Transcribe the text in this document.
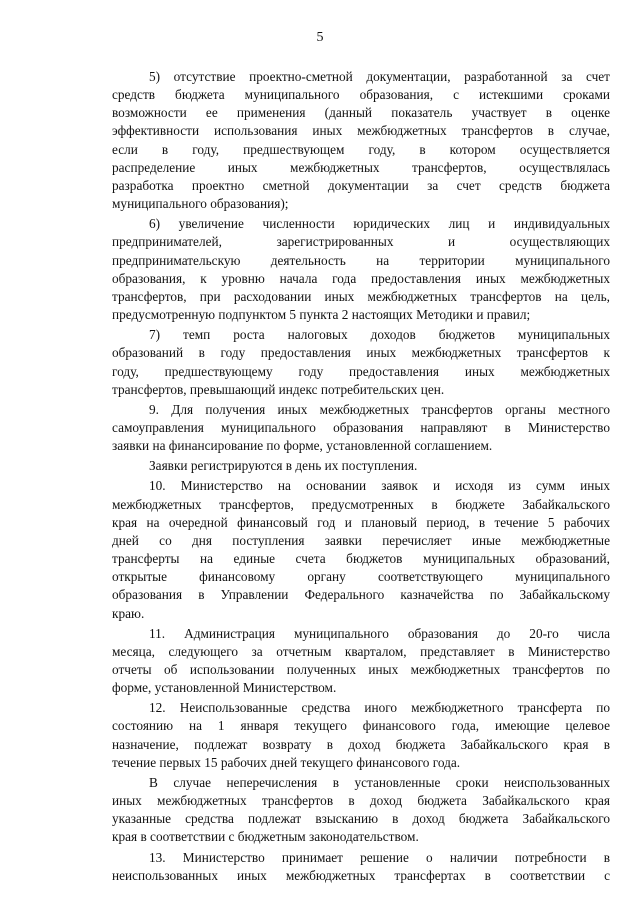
5
5) отсутствие проектно-сметной документации, разработанной за счет
средств бюджета муниципального образования, с истекшими сроками
возможности ее применения (данный показатель участвует в оценке
эффективности использования иных межбюджетных трансфертов в случае,
если в году, предшествующем году, в котором осуществляется
распределение иных межбюджетных трансфертов, осуществлялась
разработка проектно сметной документации за счет средств бюджета
муниципального образования);
6) увеличение численности юридических лиц и индивидуальных
предпринимателей, зарегистрированных и осуществляющих
предпринимательскую деятельность на территории муниципального
образования, к уровню начала года предоставления иных межбюджетных
трансфертов, при расходовании иных межбюджетных трансфертов на цель,
предусмотренную подпунктом 5 пункта 2 настоящих Методики и правил;
7) темп роста налоговых доходов бюджетов муниципальных
образований в году предоставления иных межбюджетных трансфертов к
году, предшествующему году предоставления иных межбюджетных
трансфертов, превышающий индекс потребительских цен.
9. Для получения иных межбюджетных трансфертов органы местного
самоуправления муниципального образования направляют в Министерство
заявки на финансирование по форме, установленной соглашением.
Заявки регистрируются в день их поступления.
10. Министерство на основании заявок и исходя из сумм иных
межбюджетных трансфертов, предусмотренных в бюджете Забайкальского
края на очередной финансовый год и плановый период, в течение 5 рабочих
дней со дня поступления заявки перечисляет иные межбюджетные
трансферты на единые счета бюджетов муниципальных образований,
открытые финансовому органу соответствующего муниципального
образования в Управлении Федерального казначейства по Забайкальскому
краю.
11. Администрация муниципального образования до 20-го числа
месяца, следующего за отчетным кварталом, представляет в Министерство
отчеты об использовании полученных иных межбюджетных трансфертов по
форме, установленной Министерством.
12. Неиспользованные средства иного межбюджетного трансферта по
состоянию на 1 января текущего финансового года, имеющие целевое
назначение, подлежат возврату в доход бюджета Забайкальского края в
течение первых 15 рабочих дней текущего финансового года.
В случае неперечисления в установленные сроки неиспользованных
иных межбюджетных трансфертов в доход бюджета Забайкальского края
указанные средства подлежат взысканию в доход бюджета Забайкальского
края в соответствии с бюджетным законодательством.
13. Министерство принимает решение о наличии потребности в
неиспользованных иных межбюджетных трансфертах в соответствии с
